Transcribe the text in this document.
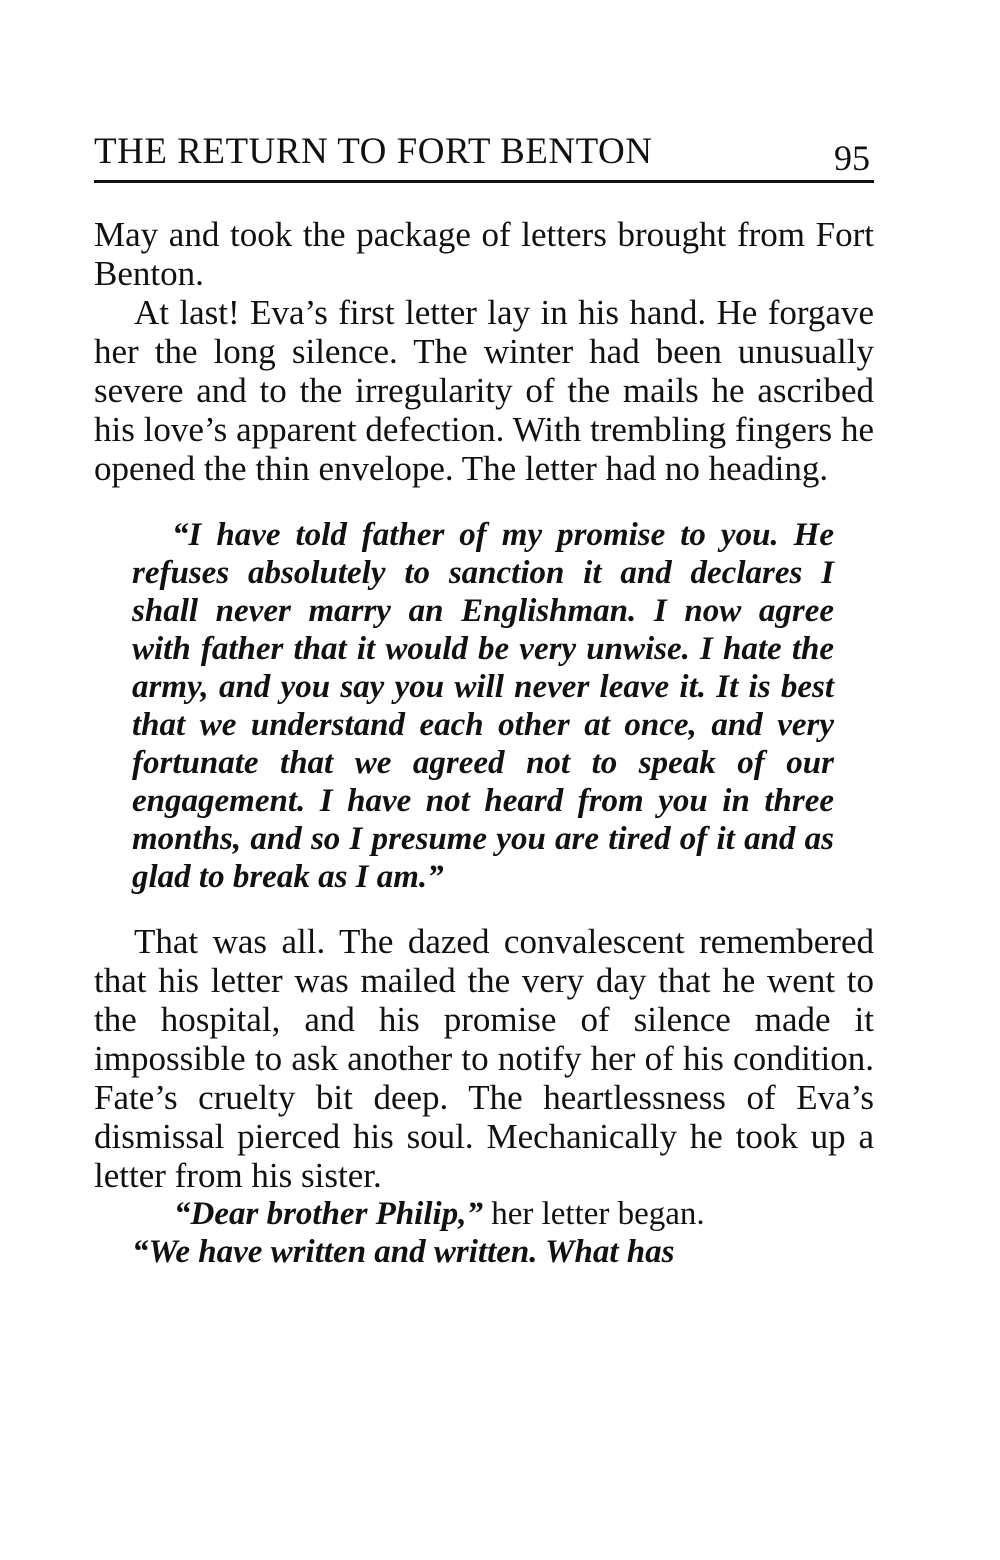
THE RETURN TO FORT BENTON	95

May and took the package of letters brought from Fort Benton.

At last! Eva’s first letter lay in his hand. He forgave her the long silence. The winter had been unusually severe and to the irregularity of the mails he ascribed his love’s apparent defection. With trembling fingers he opened the thin envelope. The letter had no heading.

“I have told father of my promise to you. He refuses absolutely to sanction it and declares I shall never marry an Englishman. I now agree with father that it would be very unwise. I hate the army, and you say you will never leave it. It is best that we understand each other at once, and very fortunate that we agreed not to speak of our engagement. I have not heard from you in three months, and so I presume you are tired of it and as glad to break as I am.”

That was all. The dazed convalescent remembered that his letter was mailed the very day that he went to the hospital, and his promise of silence made it impossible to ask another to notify her of his condition. Fate’s cruelty bit deep. The heartlessness of Eva’s dismissal pierced his soul. Mechanically he took up a letter from his sister.

“Dear brother Philip,” her letter began.

“We have written and written. What has
